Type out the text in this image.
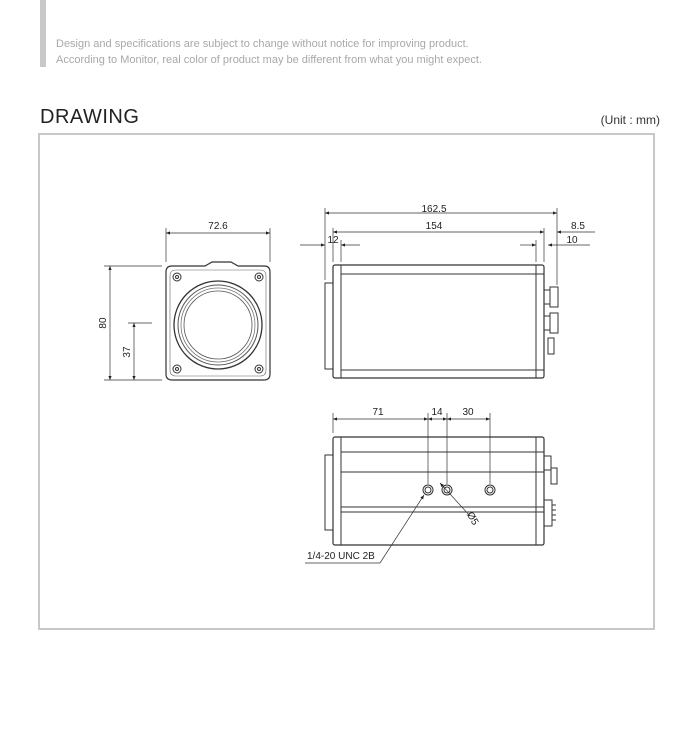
Design and specifications are subject to change without notice for improving product.
According to Monitor, real color of product may be different from what you might expect.
DRAWING	(Unit : mm)
72.6
80
37
162.5
154
12
8.5
10
71	14 30
Ø5
1/4-20 UNC 2B
